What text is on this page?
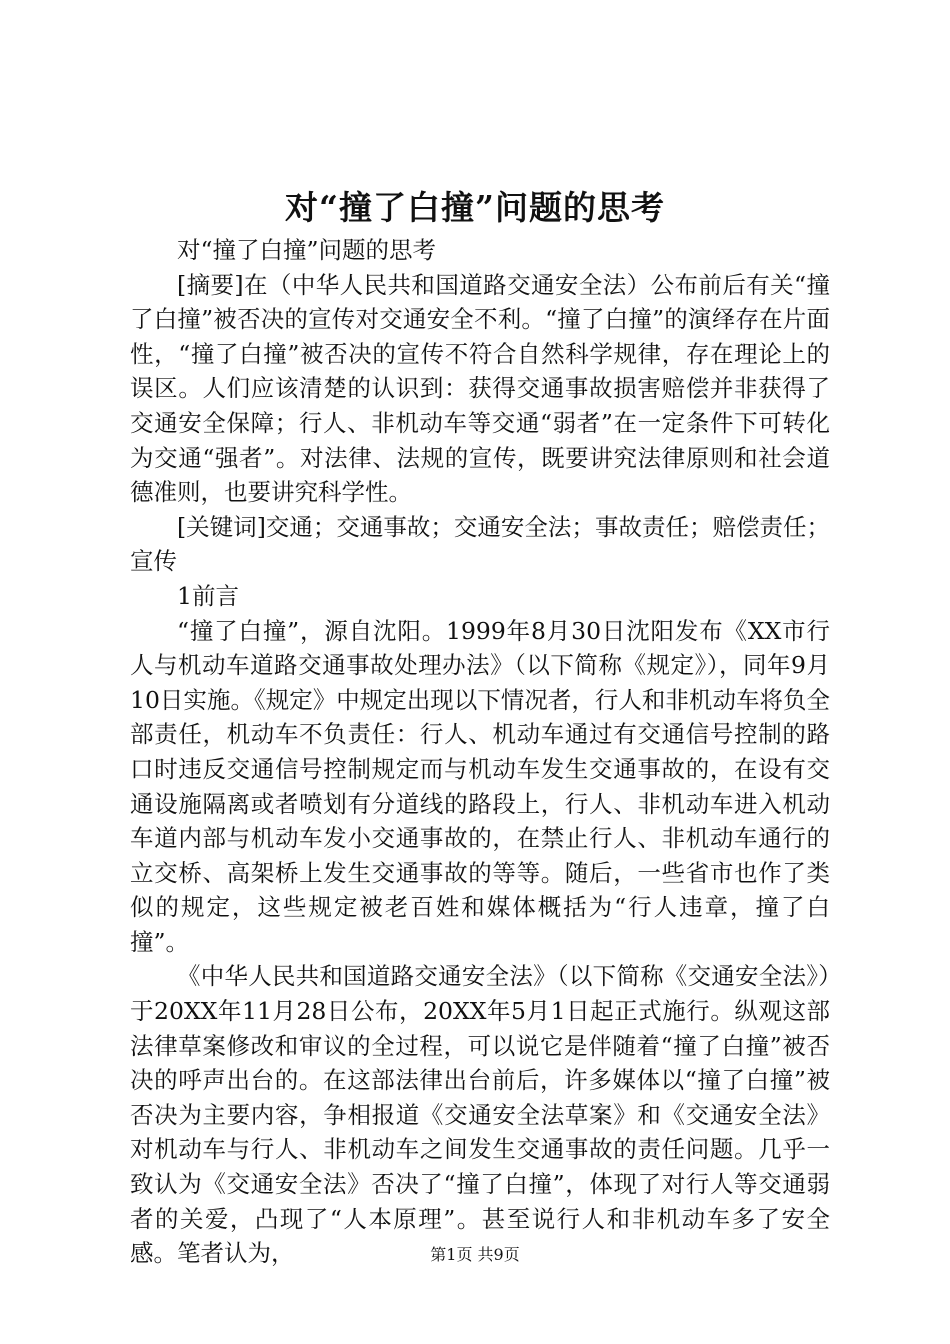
对“撞了白撞”问题的思考

对“撞了白撞”问题的思考

[摘要]在（中华人民共和国道路交通安全法）公布前后有关“撞了白撞”被否决的宣传对交通安全不利。“撞了白撞”的演绎存在片面性，“撞了白撞”被否决的宣传不符合自然科学规律，存在理论上的误区。人们应该清楚的认识到：获得交通事故损害赔偿并非获得了交通安全保障；行人、非机动车等交通“弱者”在一定条件下可转化为交通“强者”。对法律、法规的宣传，既要讲究法律原则和社会道德准则，也要讲究科学性。

[关键词]交通；交通事故；交通安全法；事故责任；赔偿责任；宣传

1前言

“撞了白撞”，源自沈阳。1999年8月30日沈阳发布《XX市行人与机动车道路交通事故处理办法》（以下简称《规定》），同年9月10日实施。《规定》中规定出现以下情况者，行人和非机动车将负全部责任，机动车不负责任：行人、机动车通过有交通信号控制的路口时违反交通信号控制规定而与机动车发生交通事故的，在设有交通设施隔离或者喷划有分道线的路段上，行人、非机动车进入机动车道内部与机动车发小交通事故的，在禁止行人、非机动车通行的立交桥、高架桥上发生交通事故的等等。随后，一些省市也作了类似的规定，这些规定被老百姓和媒体概括为“行人违章，撞了白撞”。

《中华人民共和国道路交通安全法》（以下简称《交通安全法》）于20XX年11月28日公布，20XX年5月1日起正式施行。纵观这部法律草案修改和审议的全过程，可以说它是伴随着“撞了白撞”被否决的呼声出台的。在这部法律出台前后，许多媒体以“撞了白撞”被否决为主要内容，争相报道《交通安全法草案》和《交通安全法》对机动车与行人、非机动车之间发生交通事故的责任问题。几乎一致认为《交通安全法》否决了“撞了白撞”，体现了对行人等交通弱者的关爱，凸现了“人本原理”。甚至说行人和非机动车多了安全感。笔者认为，	第1页 共9页
